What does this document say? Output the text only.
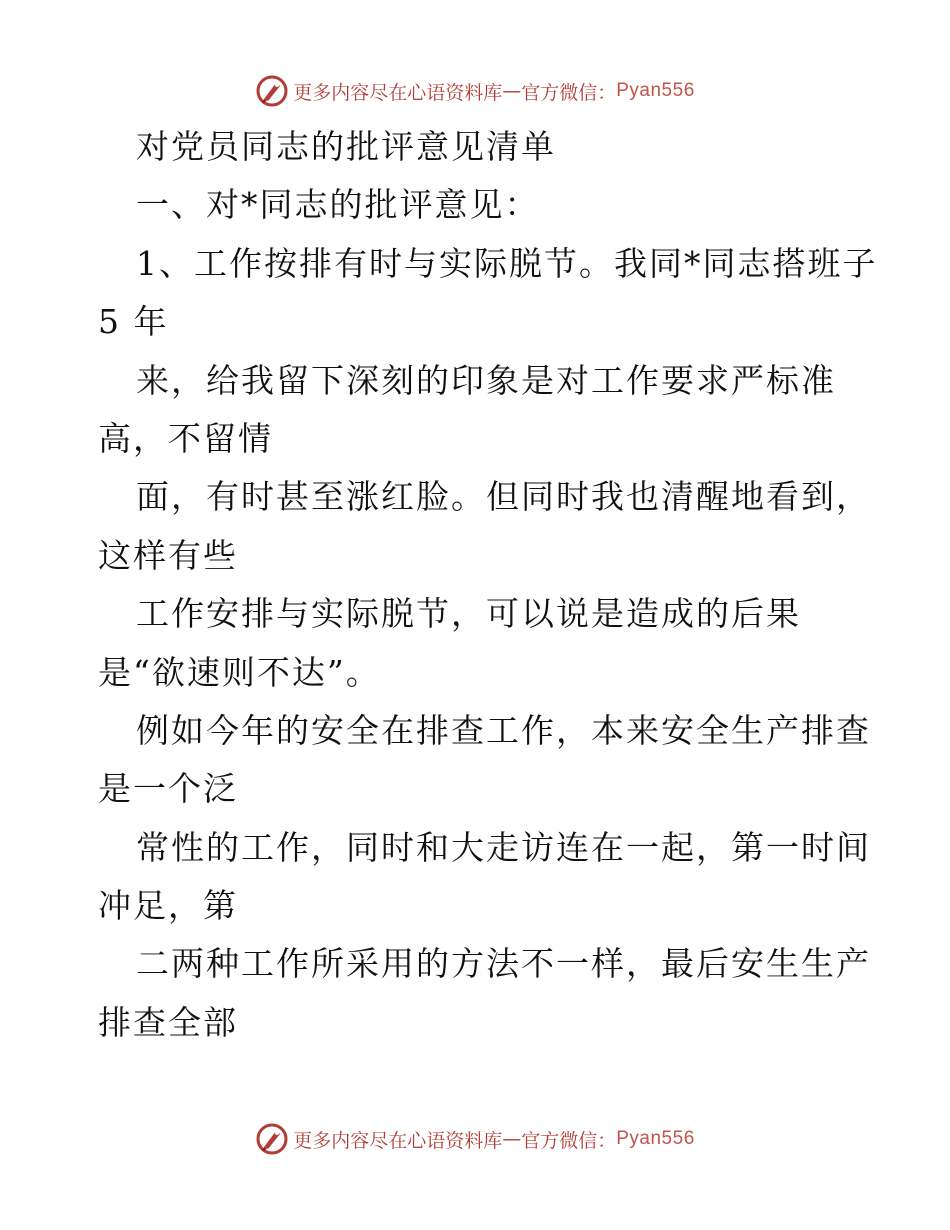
更多内容尽在心语资料库 — 官方微信： Pyan556
对党员同志的批评意见清单
一、对*同志的批评意见：
1、工作按排有时与实际脱节。我同*同志搭班子
5 年
来，给我留下深刻的印象是对工作要求严标准
高，不留情
面，有时甚至涨红脸。但同时我也清醒地看到，
这样有些
工作安排与实际脱节，可以说是造成的后果
是“欲速则不达”。
例如今年的安全在排查工作，本来安全生产排查
是一个泛
常性的工作，同时和大走访连在一起，第一时间
冲足，第
二两种工作所采用的方法不一样，最后安生生产
排查全部
更多内容尽在心语资料库 — 官方微信： Pyan556
